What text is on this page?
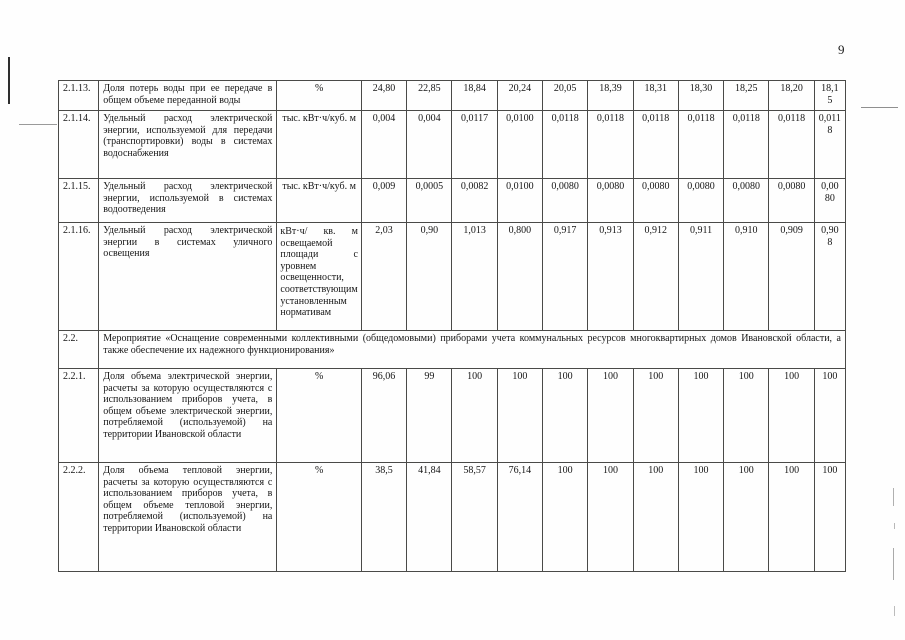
9
2.1.13.	Доля потерь воды при ее передаче в общем объеме переданной воды	%	24,80	22,85	18,84	20,24	20,05	18,39	18,31	18,30	18,25	18,20	18,15
2.1.14.	Удельный расход электрической энергии, используемой для передачи (транспортировки) воды в системах водоснабжения	тыс. кВт·ч/куб. м	0,004	0,004	0,0117	0,0100	0,0118	0,0118	0,0118	0,0118	0,0118	0,0118	0,0118
2.1.15.	Удельный расход электрической энергии, используемой в системах водоотведения	тыс. кВт·ч/куб. м	0,009	0,0005	0,0082	0,0100	0,0080	0,0080	0,0080	0,0080	0,0080	0,0080	0,0080
2.1.16.	Удельный расход электрической энергии в системах уличного освещения	кВт·ч/ кв. м освещаемой площади с уровнем освещенности, соответствующим установленным нормативам	2,03	0,90	1,013	0,800	0,917	0,913	0,912	0,911	0,910	0,909	0,908
2.2.	Мероприятие «Оснащение современными коллективными (общедомовыми) приборами учета коммунальных ресурсов многоквартирных домов Ивановской области, а также обеспечение их надежного функционирования»												
2.2.1.	Доля объема электрической энергии, расчеты за которую осуществляются с использованием приборов учета, в общем объеме электрической энергии, потребляемой (используемой) на территории Ивановской области	%	96,06	99	100	100	100	100	100	100	100	100	100
2.2.2.	Доля объема тепловой энергии, расчеты за которую осуществляются с использованием приборов учета, в общем объеме тепловой энергии, потребляемой (используемой) на территории Ивановской области	%	38,5	41,84	58,57	76,14	100	100	100	100	100	100	100
